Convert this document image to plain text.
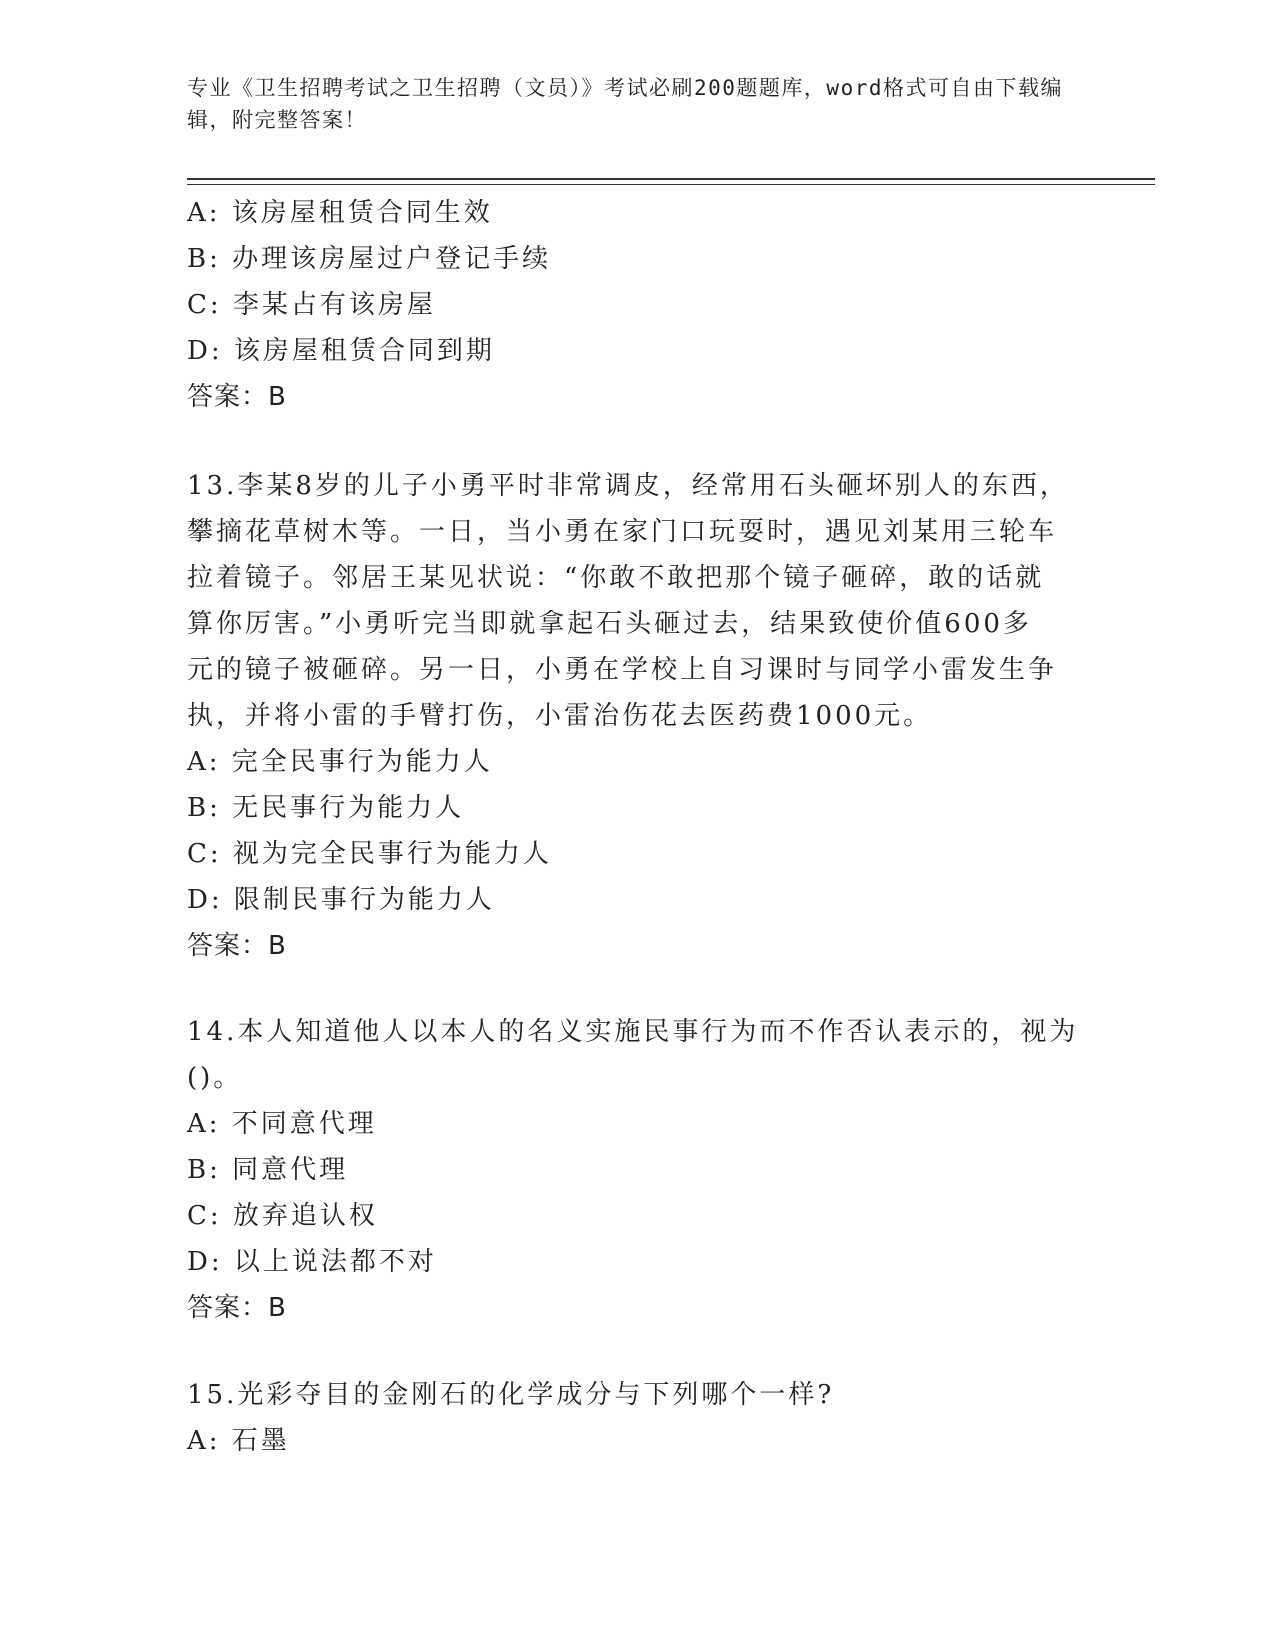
专业《卫生招聘考试之卫生招聘（文员）》考试必刷200题题库，word格式可自由下载编辑，附完整答案！
A: 该房屋租赁合同生效
B: 办理该房屋过户登记手续
C: 李某占有该房屋
D: 该房屋租赁合同到期
答案：B
13.李某8岁的儿子小勇平时非常调皮，经常用石头砸坏别人的东西，
攀摘花草树木等。一日，当小勇在家门口玩耍时，遇见刘某用三轮车
拉着镜子。邻居王某见状说：“你敢不敢把那个镜子砸碎，敢的话就
算你厉害。”小勇听完当即就拿起石头砸过去，结果致使价值600多
元的镜子被砸碎。另一日，小勇在学校上自习课时与同学小雷发生争
执，并将小雷的手臂打伤，小雷治伤花去医药费1000元。
A: 完全民事行为能力人
B: 无民事行为能力人
C: 视为完全民事行为能力人
D: 限制民事行为能力人
答案：B
14.本人知道他人以本人的名义实施民事行为而不作否认表示的，视为
()。
A: 不同意代理
B: 同意代理
C: 放弃追认权
D: 以上说法都不对
答案：B
15.光彩夺目的金刚石的化学成分与下列哪个一样?
A: 石墨
